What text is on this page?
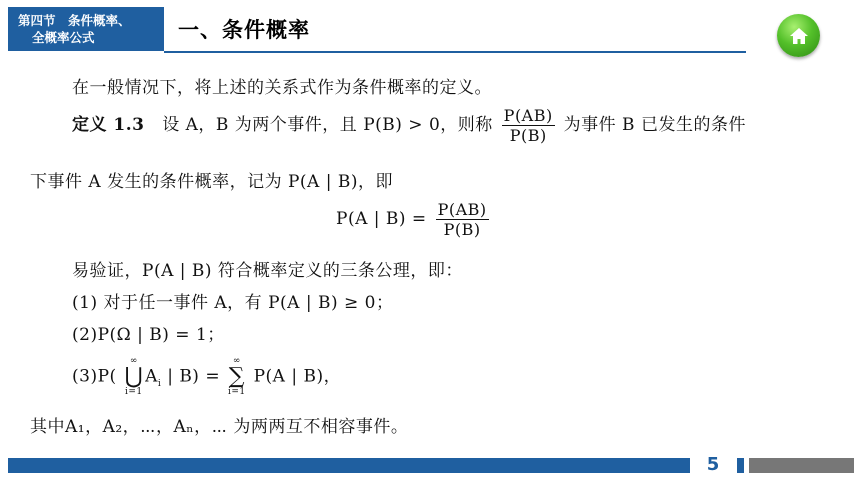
第四节　条件概率、
全概率公式	一、条件概率
在一般情况下，将上述的关系式作为条件概率的定义。
定义 1.3 设 A，B 为两个事件，且 P(B) > 0，则称 $\frac{P(AB)}{P(B)}$ 为事件 B 已发生的条件
下事件 A 发生的条件概率，记为 P(A | B)，即
P(A | $B) = \frac{P(AB)}{P(B)}$
易验证，P(A | B) 符合概率定义的三条公理，即：
(1) 对于任一事件 A，有 P(A | B) ≥ 0；
(2)P(Ω | B) = 1；
(3)P(
∞
⋃
i=1
$A_i$ | B) =
∞
∑
i=1
P(A | B)，
其中A₁，A₂，⋯，Aₙ，⋯ 为两两互不相容事件。
5
